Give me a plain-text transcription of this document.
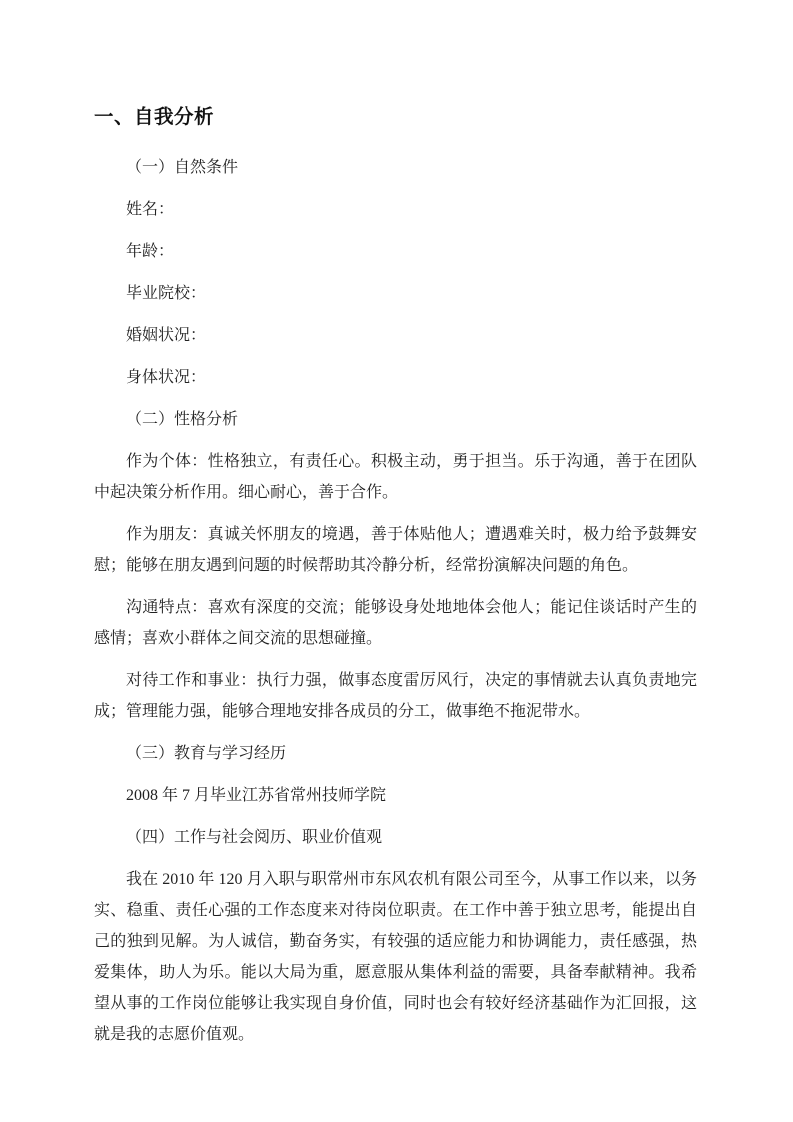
一、自我分析

（一）自然条件

姓名：

年龄：

毕业院校：

婚姻状况：

身体状况：

（二）性格分析

作为个体：性格独立，有责任心。积极主动，勇于担当。乐于沟通，善于在团队中起决策分析作用。细心耐心，善于合作。

作为朋友：真诚关怀朋友的境遇，善于体贴他人；遭遇难关时，极力给予鼓舞安慰；能够在朋友遇到问题的时候帮助其冷静分析，经常扮演解决问题的角色。

沟通特点：喜欢有深度的交流；能够设身处地地体会他人；能记住谈话时产生的感情；喜欢小群体之间交流的思想碰撞。

对待工作和事业：执行力强，做事态度雷厉风行，决定的事情就去认真负责地完成；管理能力强，能够合理地安排各成员的分工，做事绝不拖泥带水。

（三）教育与学习经历

2008 年 7 月毕业江苏省常州技师学院

（四）工作与社会阅历、职业价值观

我在 2010 年 120 月入职与职常州市东风农机有限公司至今，从事工作以来，以务实、稳重、责任心强的工作态度来对待岗位职责。在工作中善于独立思考，能提出自己的独到见解。为人诚信，勤奋务实，有较强的适应能力和协调能力，责任感强，热爱集体，助人为乐。能以大局为重，愿意服从集体利益的需要，具备奉献精神。我希望从事的工作岗位能够让我实现自身价值，同时也会有较好经济基础作为汇回报，这就是我的志愿价值观。
